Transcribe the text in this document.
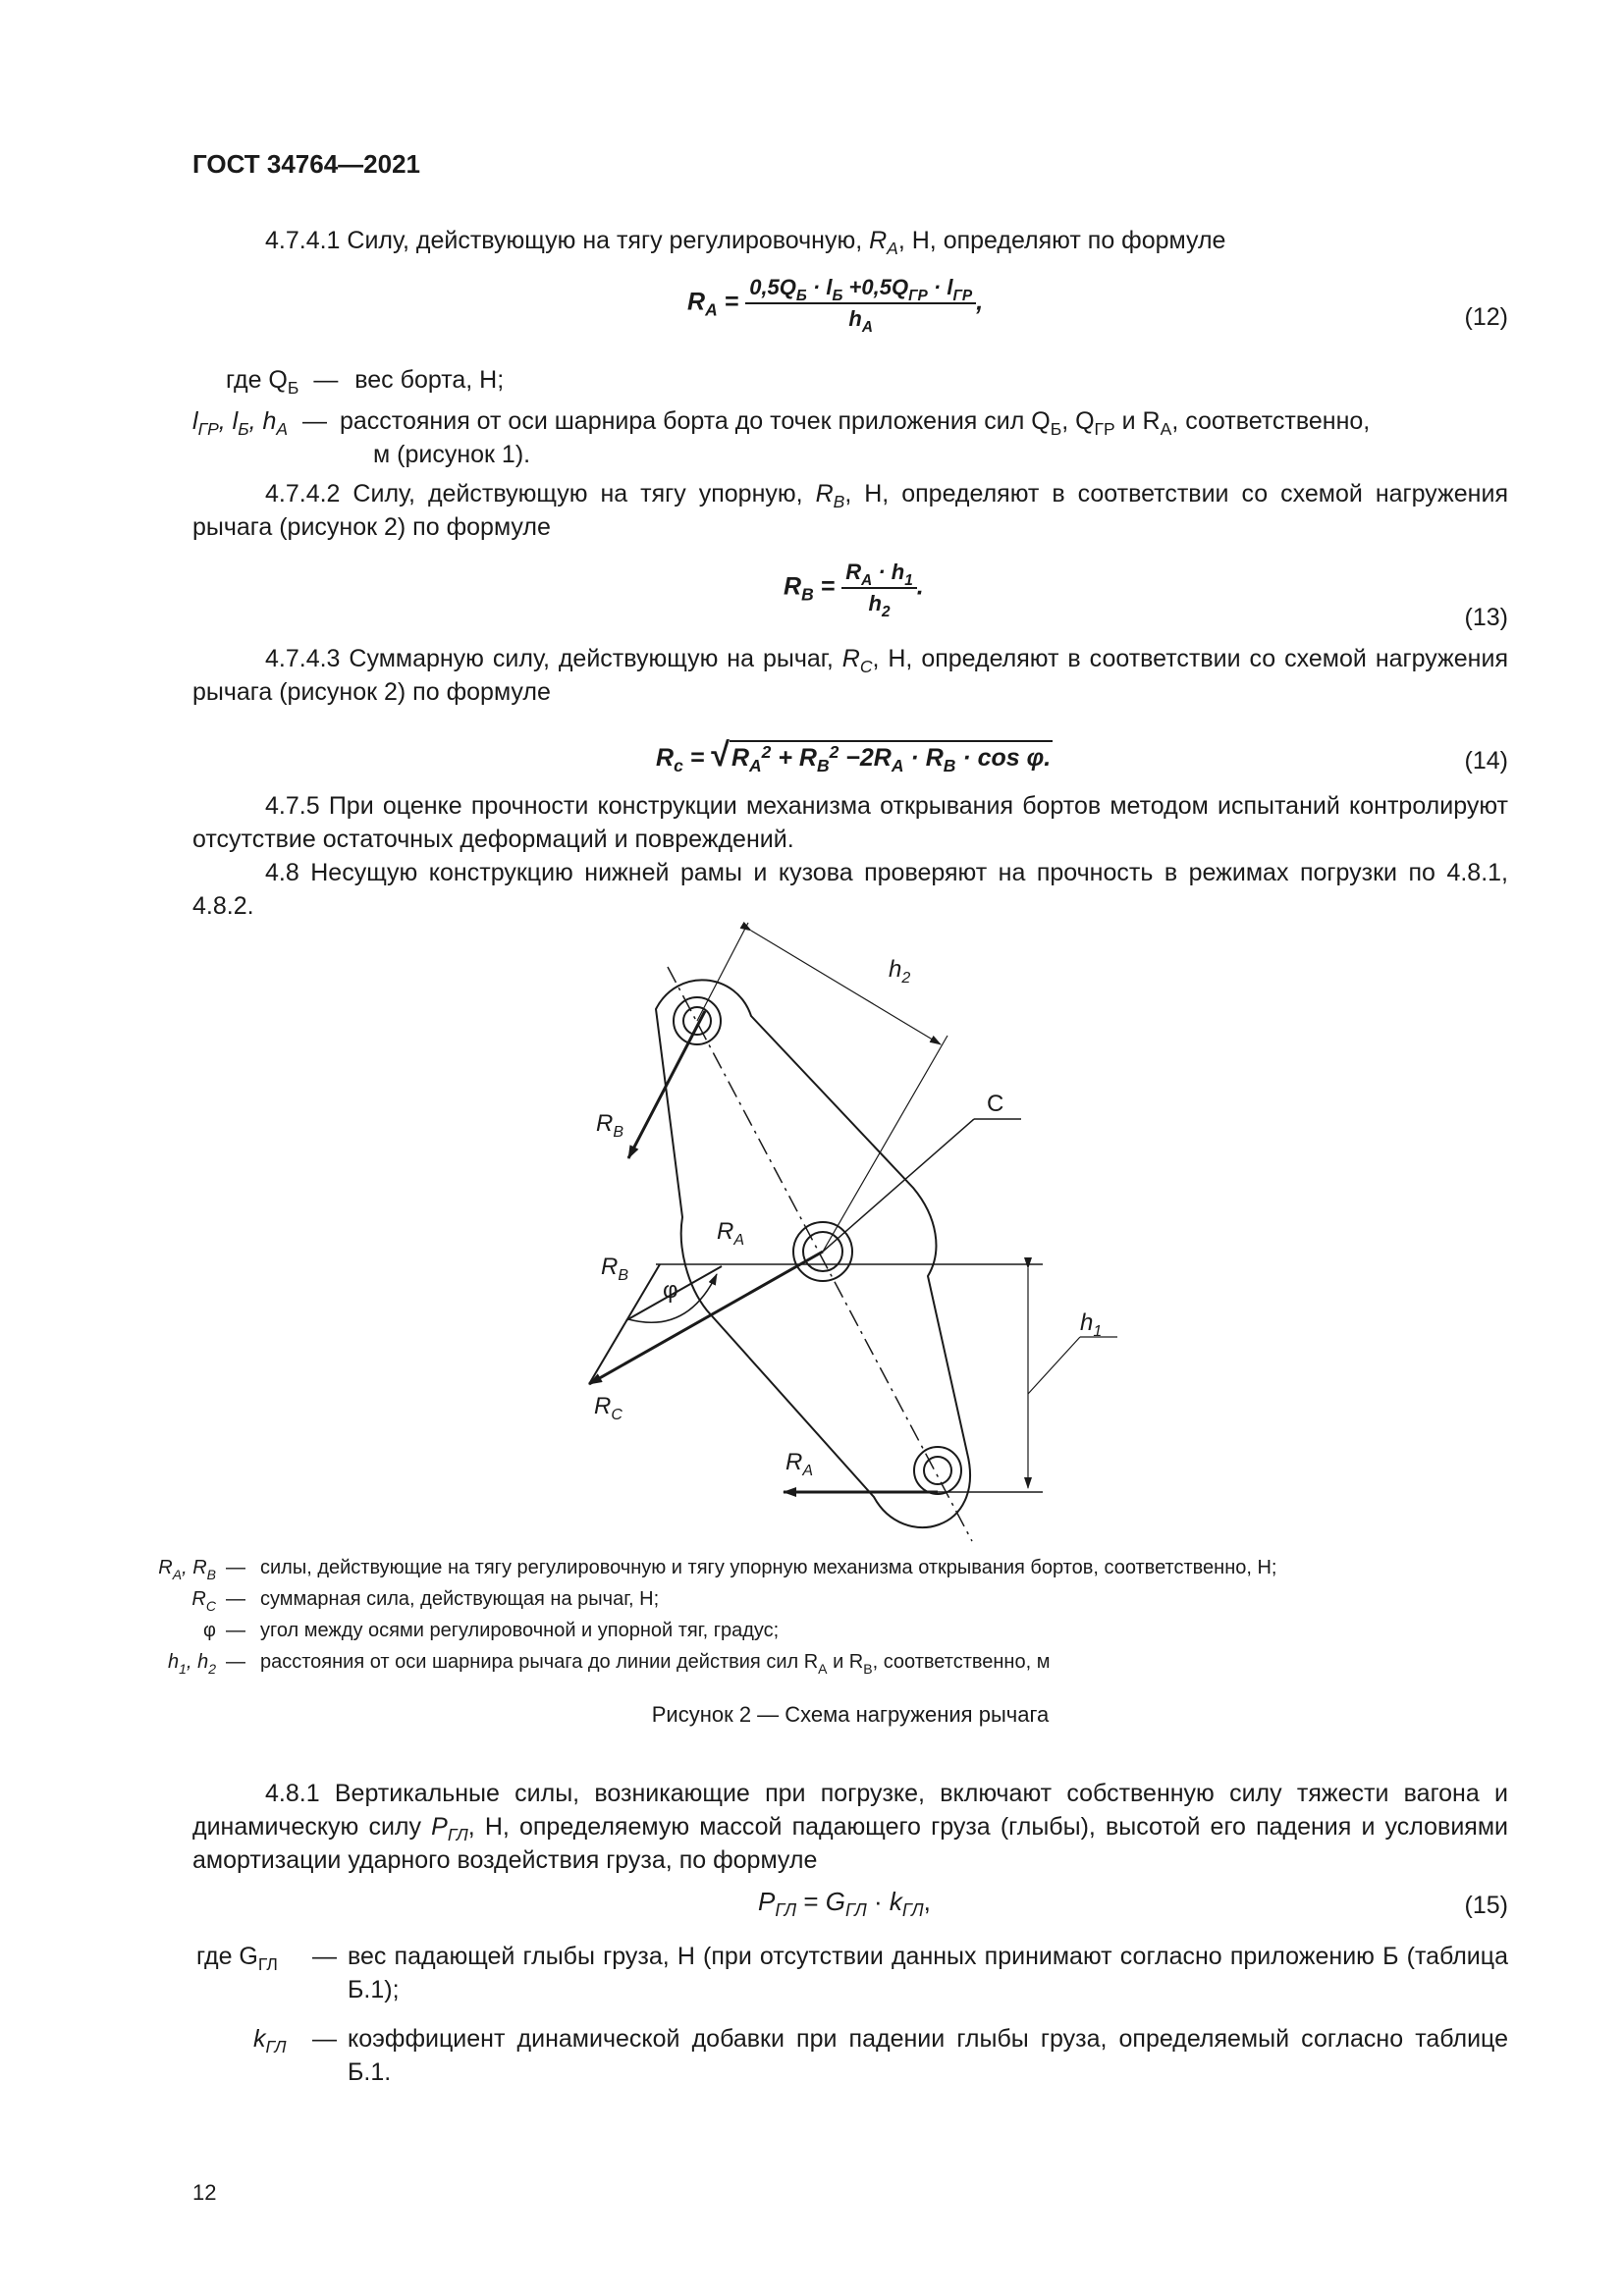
ГОСТ 34764—2021
4.7.4.1 Силу, действующую на тягу регулировочную, $R_A$, Н, определяют по формуле
$R_A = \frac{0,5Q_Б \cdot l_Б +0,5Q_{ГР} \cdot l_{ГР}}{h_A}$ ,
(12)
где $Q_Б$ — вес борта, Н;
$l_{ГР}$, $l_Б$, $h_A$ — расстояния от оси шарнира борта до точек приложения сил $Q_Б$, $Q_{ГР}$ и $R_A$, соответственно,
м (рисунок 1).
4.7.4.2 Силу, действующую на тягу упорную, $R_B$, Н, определяют в соответствии со схемой нагружения рычага (рисунок 2) по формуле
$R_B = \frac{R_A \cdot h_1}{h_2}$ .
(13)
4.7.4.3 Суммарную силу, действующую на рычаг, $R_C$, Н, определяют в соответствии со схемой нагружения рычага (рисунок 2) по формуле
$R_c = √R_A^2 + R_B^2 -2R_A \cdot R_B \cdot \cos \varphi$.	(14)
4.7.5 При оценке прочности конструкции механизма открывания бортов методом испытаний контролируют отсутствие остаточных деформаций и повреждений.
4.8 Несущую конструкцию нижней рамы и кузова проверяют на прочность в режимах погрузки по 4.8.1, 4.8.2.
$h_2$
C
$R_B$
$R_A$
$R_B$
φ
$h_1$
$R_C$
$R_A$
$R_A$, $R_B$ — силы, действующие на тягу регулировочную и тягу упорную механизма открывания бортов, соответственно, Н;
$R_C$ — суммарная сила, действующая на рычаг, Н;
φ — угол между осями регулировочной и упорной тяг, градус;
$h_1$, $h_2$ — расстояния от оси шарнира рычага до линии действия сил $R_A$ и $R_B$, соответственно, м
Рисунок 2 — Схема нагружения рычага
4.8.1 Вертикальные силы, возникающие при погрузке, включают собственную силу тяжести вагона и динамическую силу $P_{ГЛ}$, Н, определяемую массой падающего груза (глыбы), высотой его падения и условиями амортизации ударного воздействия груза, по формуле
$P_{ГЛ} = G_{ГЛ} \cdot k_{ГЛ}$,	(15)
где $G_{ГЛ}$ — вес падающей глыбы груза, Н (при отсутствии данных принимают согласно приложению Б (таблица Б.1);
$k_{ГЛ}$ — коэффициент динамической добавки при падении глыбы груза, определяемый согласно таблице Б.1.
12
